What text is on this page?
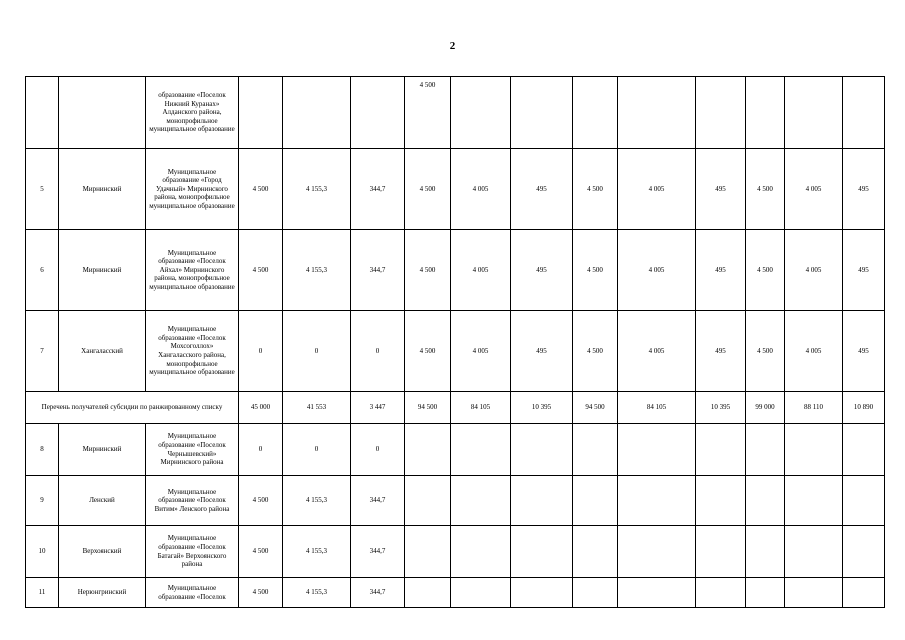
2
		образование «Поселок Нижний Куранах» Алданского района, монопрофильное муниципальное образование				4 500								
5	Мирнинский	Муниципальное образование «Город Удачный» Мирнинского района, монопрофильное муниципальное образование	4 500	4 155,3	344,7	4 500	4 005	495	4 500	4 005	495	4 500	4 005	495
6	Мирнинский	Муниципальное образование «Поселок Айхал» Мирнинского района, монопрофильное муниципальное образование	4 500	4 155,3	344,7	4 500	4 005	495	4 500	4 005	495	4 500	4 005	495
7	Хангаласский	Муниципальное образование «Поселок Мохсоголлох» Хангаласского района, монопрофильное муниципальное образование	0	0	0	4 500	4 005	495	4 500	4 005	495	4 500	4 005	495
Перечень получателей субсидии по ранжированному списку			45 000	41 553	3 447	94 500	84 105	10 395	94 500	84 105	10 395	99 000	88 110	10 890
8	Мирнинский	Муниципальное образование «Поселок Чернышевский» Мирнинского района	0	0	0									
9	Ленский	Муниципальное образование «Поселок Витим» Ленского района	4 500	4 155,3	344,7									
10	Верхоянский	Муниципальное образование «Поселок Батагай» Верхоянского района	4 500	4 155,3	344,7									
11	Нерюнгринский	Муниципальное образование «Поселок	4 500	4 155,3	344,7									
